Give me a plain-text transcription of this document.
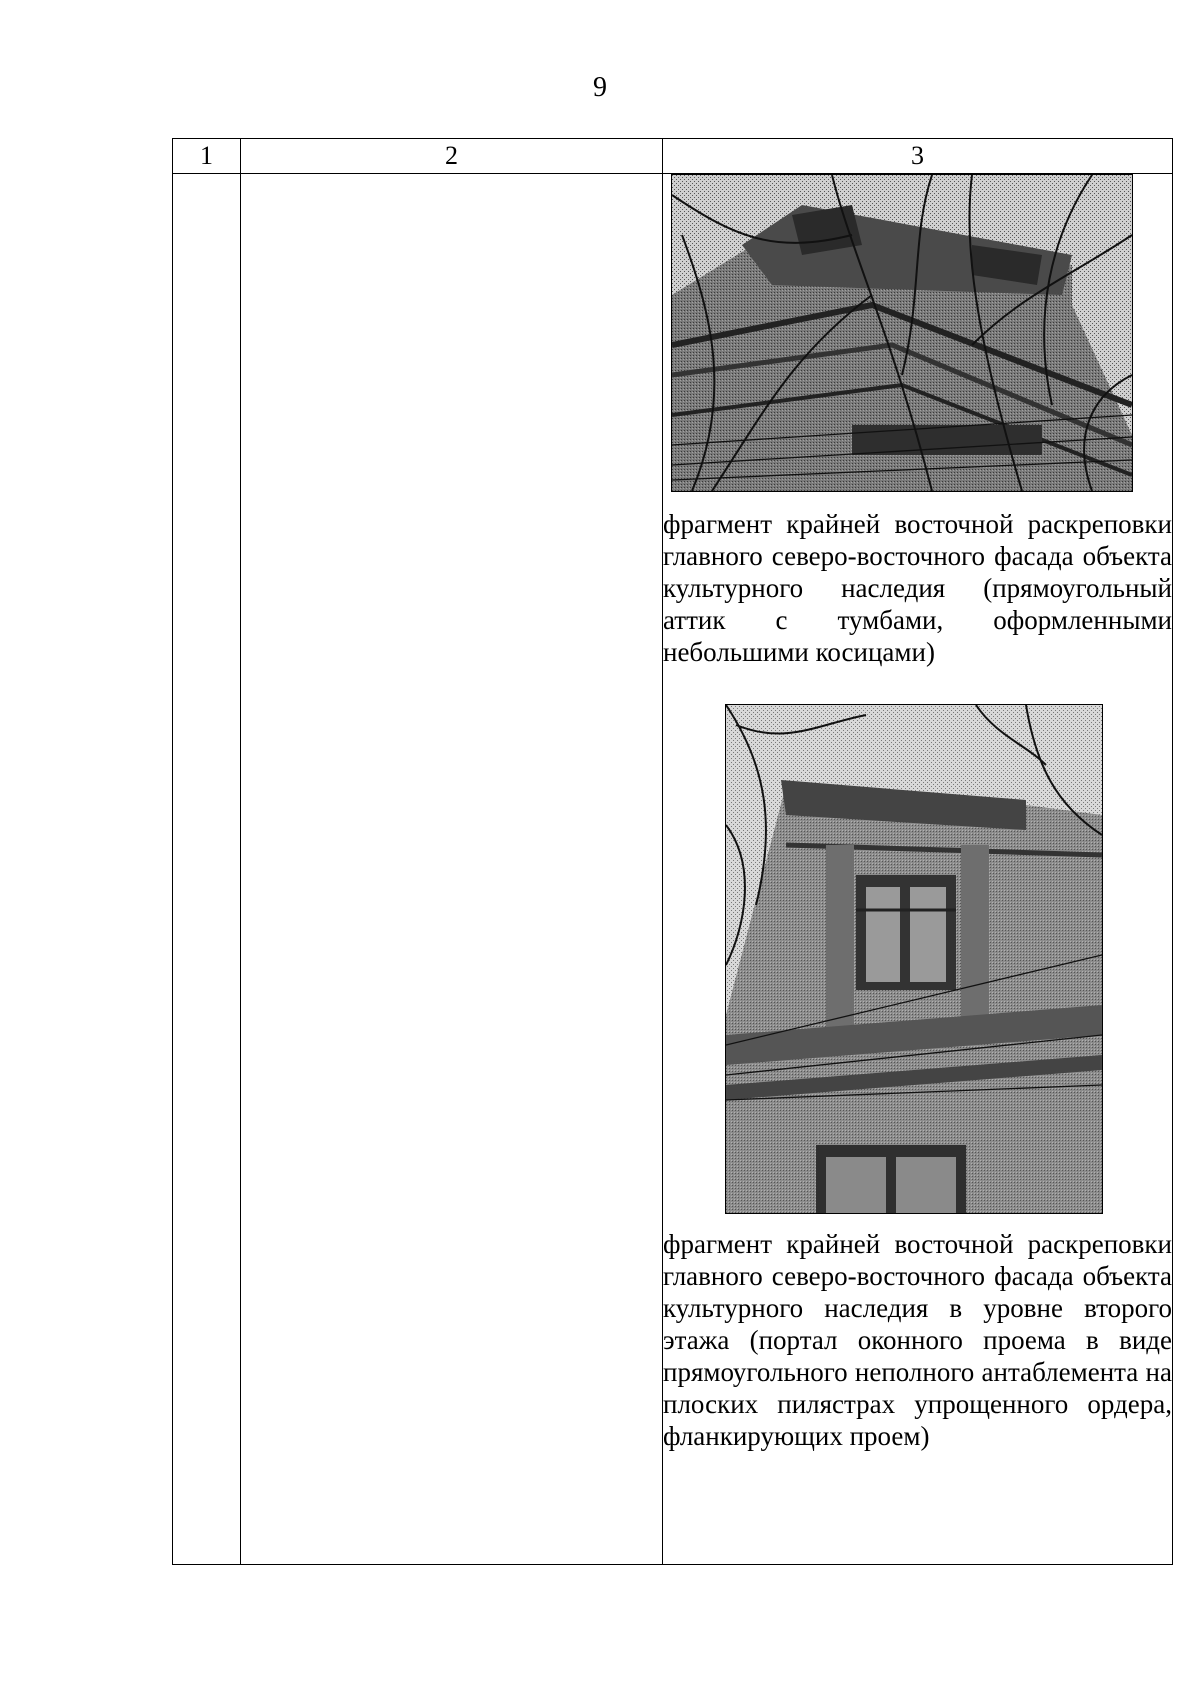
9
1	2	3

		фрагмент крайней восточной раскреповки главного северо-восточного фасада объекта культурного наследия (прямоугольный аттик с тумбами, оформленными небольшими косицами)

фрагмент крайней восточной раскреповки главного северо-восточного фасада объекта культурного наследия в уровне второго этажа (портал оконного проема в виде прямоугольного неполного антаблемента на плоских пилястрах упрощенного ордера, фланкирующих проем)
